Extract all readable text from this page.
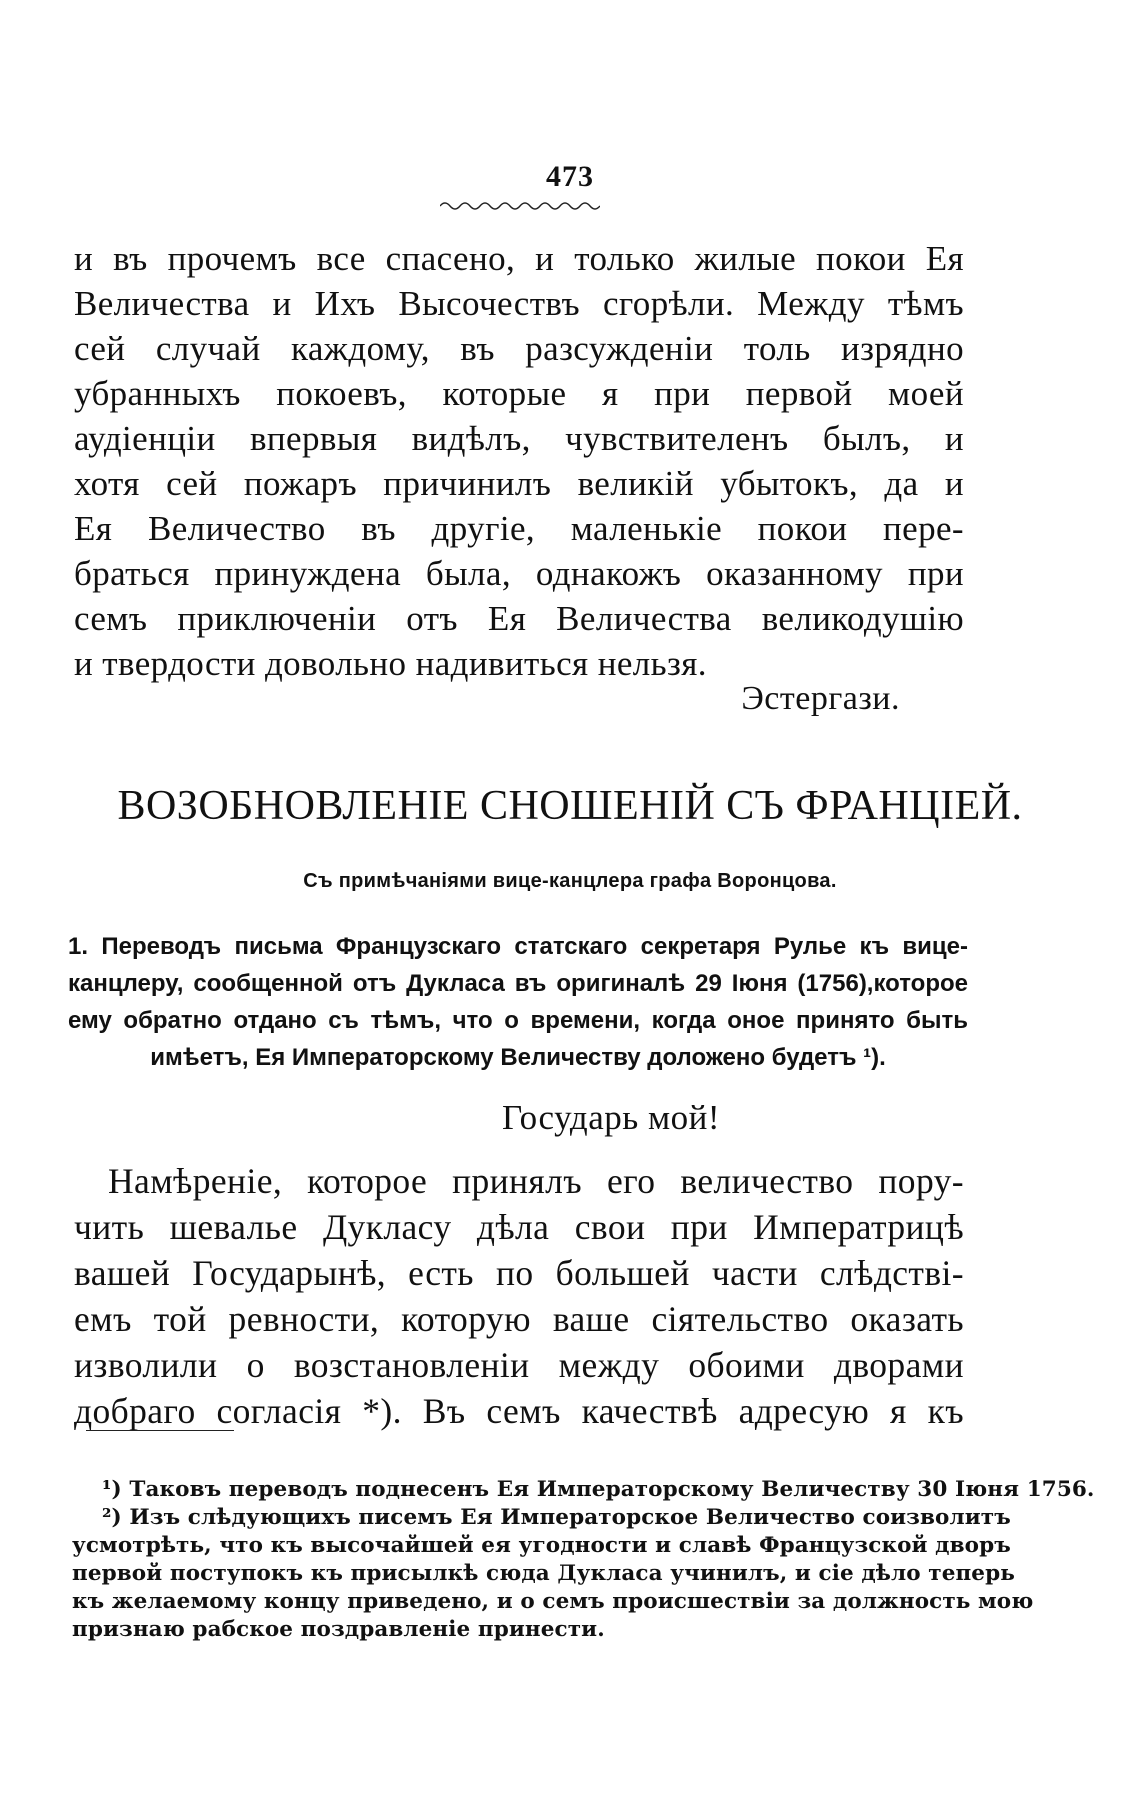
473
и въ прочемъ все спасено, и только жилые покои Ея
Величества и Ихъ Высочествъ сгорѣли. Между тѣмъ
сей случай каждому, въ разсужденіи толь изрядно
убранныхъ покоевъ, которые я при первой моей
аудіенціи впервыя видѣлъ, чувствителенъ былъ, и
хотя сей пожаръ причинилъ великій убытокъ, да и
Ея Величество въ другіе, маленькіе покои пере-
браться принуждена была, однакожъ оказанному при
семъ приключеніи отъ Ея Величества великодушію
и твердости довольно надивиться нельзя.
Эстергази.
ВОЗОБНОВЛЕНІЕ СНОШЕНІЙ СЪ ФРАНЦІЕЙ.
Съ примѣчаніями вице-канцлера графа Воронцова.
1. Переводъ письма Французскаго статскаго секретаря Рулье къ вице-
канцлеру, сообщенной отъ Дукласа въ оригиналѣ 29 Іюня (1756),которое
ему обратно отдано съ тѣмъ, что о времени, когда оное принято быть
имѣетъ, Ея Императорскому Величеству доложено будетъ ¹).
Государь мой!
Намѣреніе, которое принялъ его величество пору-
чить шевалье Дукласу дѣла свои при Императрицѣ
вашей Государынѣ, есть по большей части слѣдствi-
емъ той ревности, которую ваше сіятельство оказать
изволили о возстановленіи между обоими дворами
добраго согласія *). Въ семъ качествѣ адресую я къ
¹) Таковъ переводъ поднесенъ Ея Императорскому Величеству 30 Іюня 1756.
²) Изъ слѣдующихъ писемъ Ея Императорское Величество соизволитъ
усмотрѣть, что къ высочайшей ея угодности и славѣ Французской дворъ
первой поступокъ къ присылкѣ сюда Дукласа учинилъ, и сіе дѣло теперь
къ желаемому концу приведено, и о семъ происшествіи за должность мою
признаю рабское поздравленіе принести.
